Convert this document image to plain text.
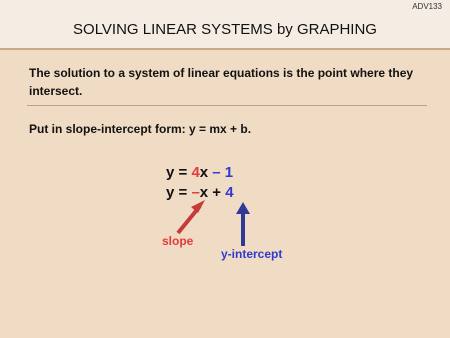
ADV133
SOLVING LINEAR SYSTEMS by GRAPHING
The solution to a system of linear equations is the point where they intersect.
Put in slope-intercept form: y = mx + b.
y = 4x – 1
y = –x + 4
slope
y-intercept
